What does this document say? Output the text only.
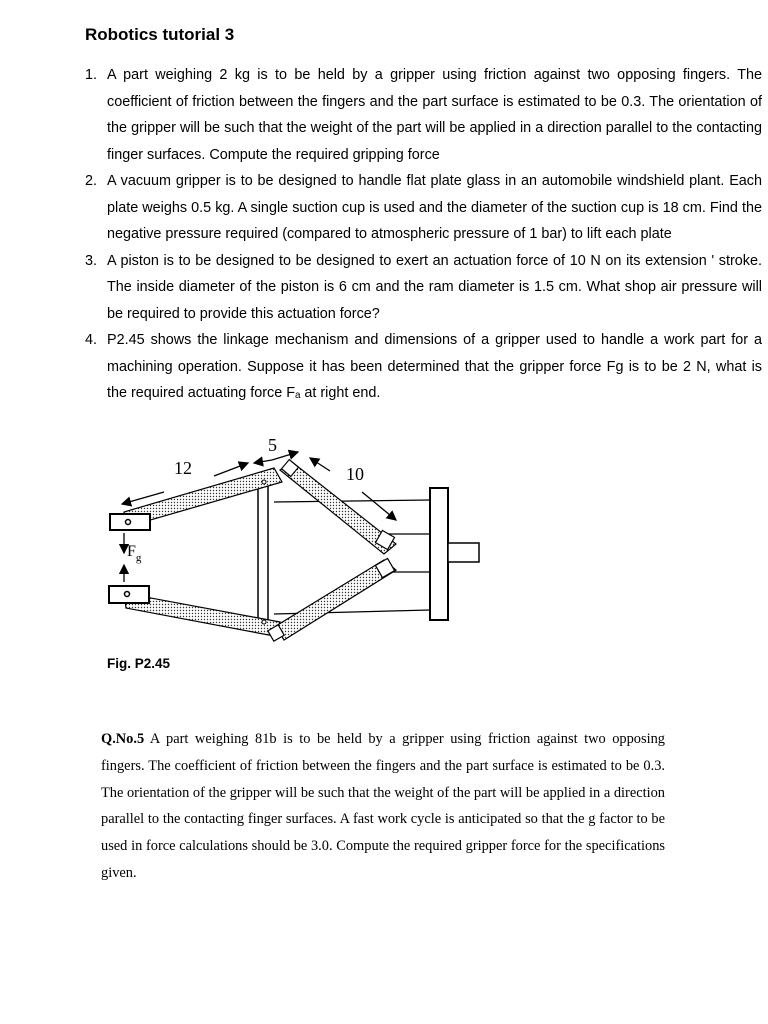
Robotics tutorial 3
1. A part weighing 2 kg is to be held by a gripper using friction against two opposing fingers. The coefficient of friction between the fingers and the part surface is estimated to be 0.3. The orientation of the gripper will be such that the weight of the part will be applied in a direction parallel to the contacting finger surfaces. Compute the required gripping force
2. A vacuum gripper is to be designed to handle flat plate glass in an automobile windshield plant. Each plate weighs 0.5 kg. A single suction cup is used and the diameter of the suction cup is 18 cm. Find the negative pressure required (compared to atmospheric pressure of 1 bar) to lift each plate
3. A piston is to be designed to be designed to exert an actuation force of 10 N on its extension ' stroke. The inside diameter of the piston is 6 cm and the ram diameter is 1.5 cm. What shop air pressure will be required to provide this actuation force?
4. P2.45 shows the linkage mechanism and dimensions of a gripper used to handle a work part for a machining operation. Suppose it has been determined that the gripper force Fg is to be 2 N, what is the required actuating force Fₐ at right end.
$F_g$
12
5
10
Fig. P2.45

Q.No.5 A part weighing 81b is to be held by a gripper using friction against two opposing fingers. The coefficient of friction between the fingers and the part surface is estimated to be 0.3. The orientation of the gripper will be such that the weight of the part will be applied in a direction parallel to the contacting finger surfaces. A fast work cycle is anticipated so that the g factor to be used in force calculations should be 3.0. Compute the required gripper force for the specifications given.
